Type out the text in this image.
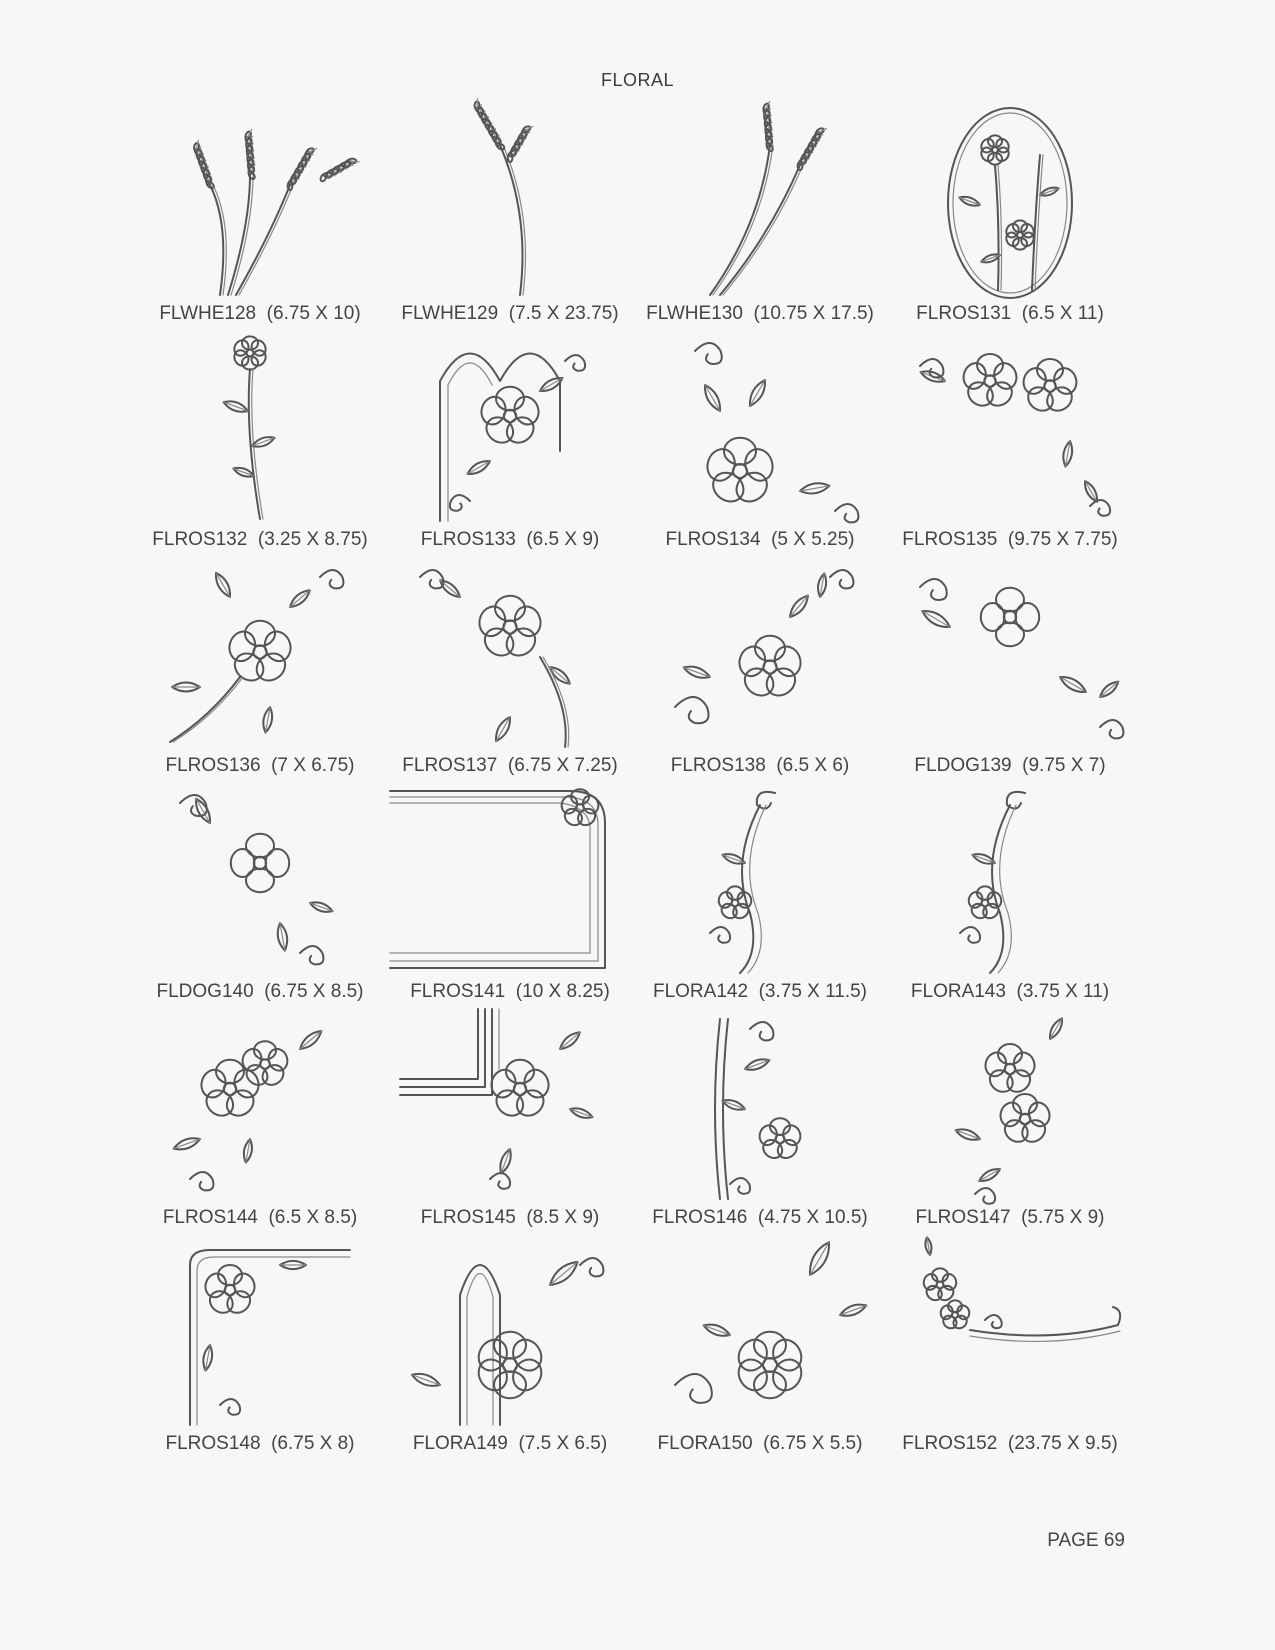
FLORAL
FLWHE128 (6.75 X 10)	FLWHE129 (7.5 X 23.75)	FLWHE130 (10.75 X 17.5)	FLROS131 (6.5 X 11)
FLROS132 (3.25 X 8.75)	FLROS133 (6.5 X 9)	FLROS134 (5 X 5.25)	FLROS135 (9.75 X 7.75)
FLROS136 (7 X 6.75)	FLROS137 (6.75 X 7.25)	FLROS138 (6.5 X 6)	FLDOG139 (9.75 X 7)
FLDOG140 (6.75 X 8.5)	FLROS141 (10 X 8.25)	FLORA142 (3.75 X 11.5)	FLORA143 (3.75 X 11)
FLROS144 (6.5 X 8.5)	FLROS145 (8.5 X 9)	FLROS146 (4.75 X 10.5)	FLROS147 (5.75 X 9)
FLROS148 (6.75 X 8)	FLORA149 (7.5 X 6.5)	FLORA150 (6.75 X 5.5)	FLROS152 (23.75 X 9.5)
PAGE 69
